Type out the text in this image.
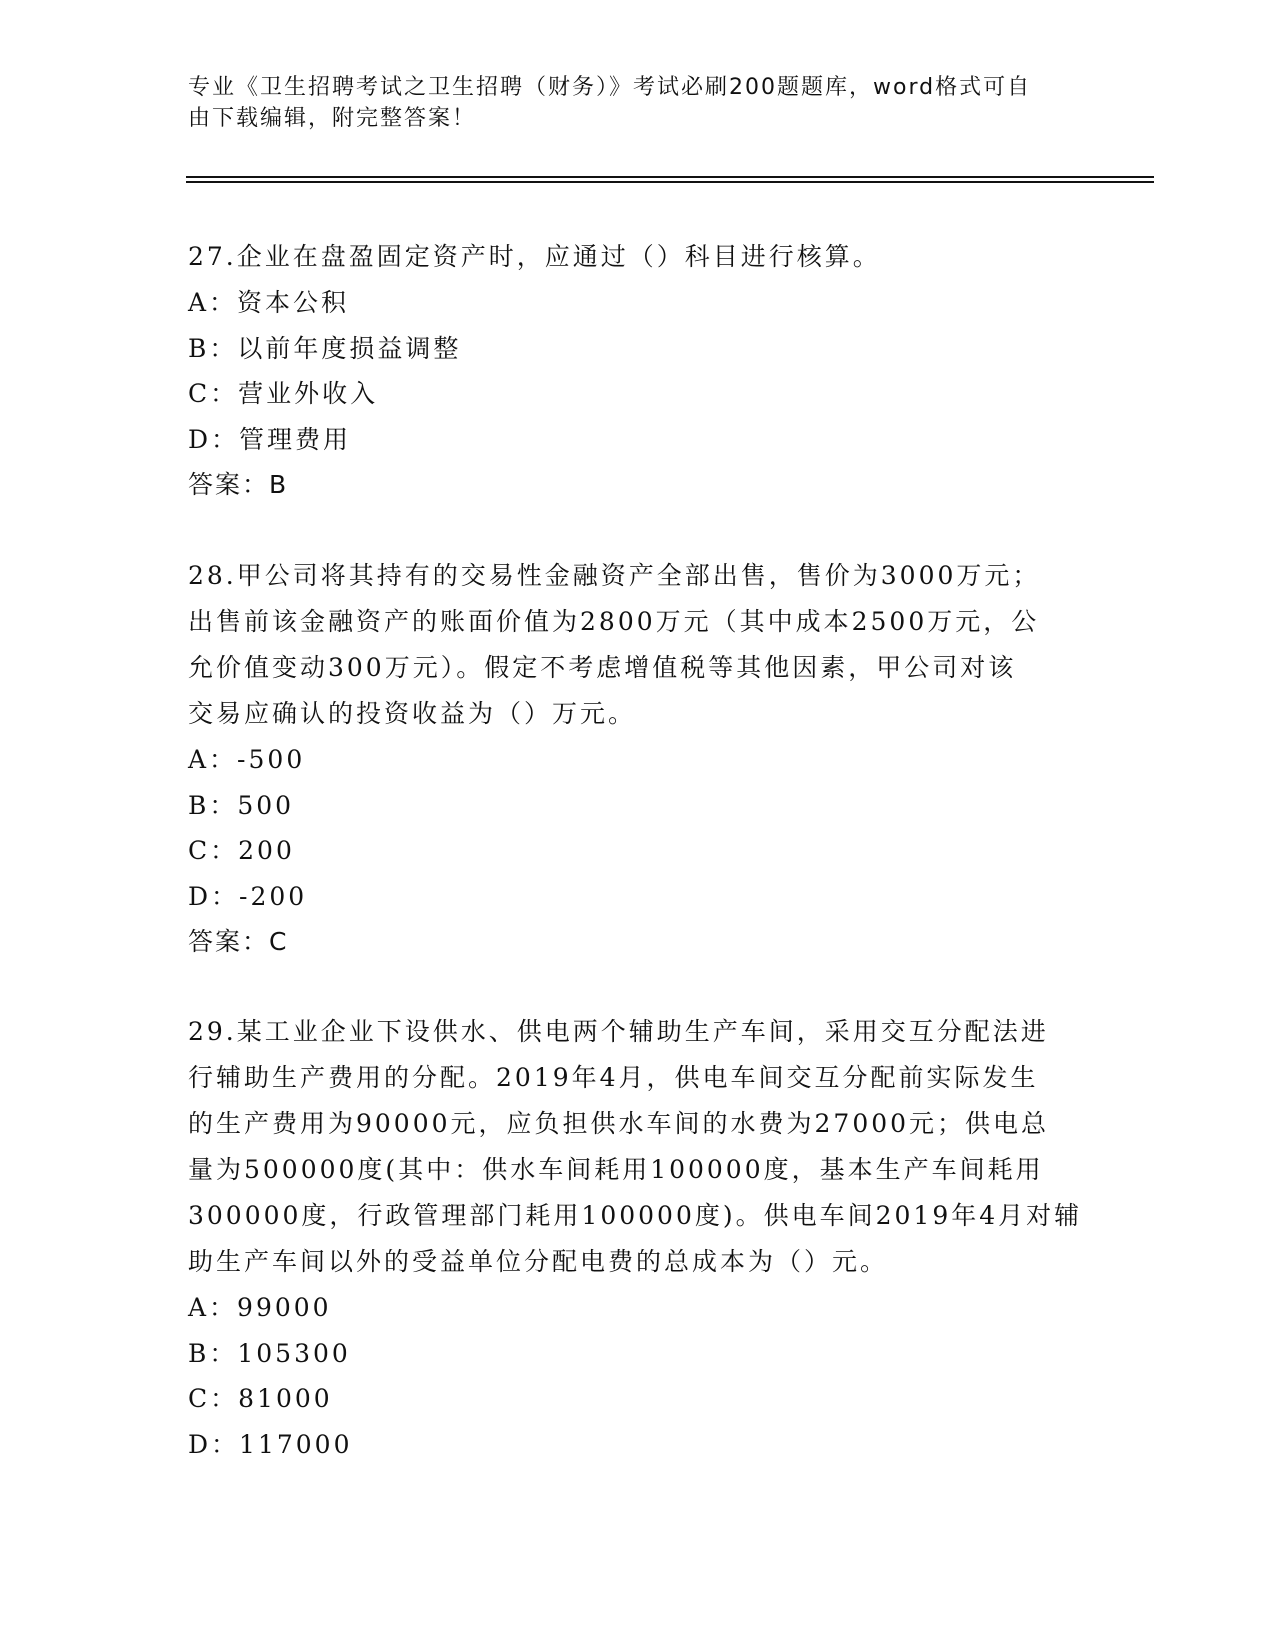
专业《卫生招聘考试之卫生招聘（财务）》考试必刷200题题库，word格式可自
由下载编辑，附完整答案！

27.企业在盘盈固定资产时，应通过（）科目进行核算。

A：资本公积

B：以前年度损益调整

C：营业外收入

D：管理费用

答案：B

28.甲公司将其持有的交易性金融资产全部出售，售价为3000万元；

出售前该金融资产的账面价值为2800万元（其中成本2500万元，公

允价值变动300万元）。假定不考虑增值税等其他因素，甲公司对该

交易应确认的投资收益为（）万元。

A：-500

B：500

C：200

D：-200

答案：C

29.某工业企业下设供水、供电两个辅助生产车间，采用交互分配法进

行辅助生产费用的分配。2019年4月，供电车间交互分配前实际发生

的生产费用为90000元，应负担供水车间的水费为27000元；供电总

量为500000度(其中：供水车间耗用100000度，基本生产车间耗用

300000度，行政管理部门耗用100000度)。供电车间2019年4月对辅

助生产车间以外的受益单位分配电费的总成本为（）元。

A：99000

B：105300

C：81000

D：117000
